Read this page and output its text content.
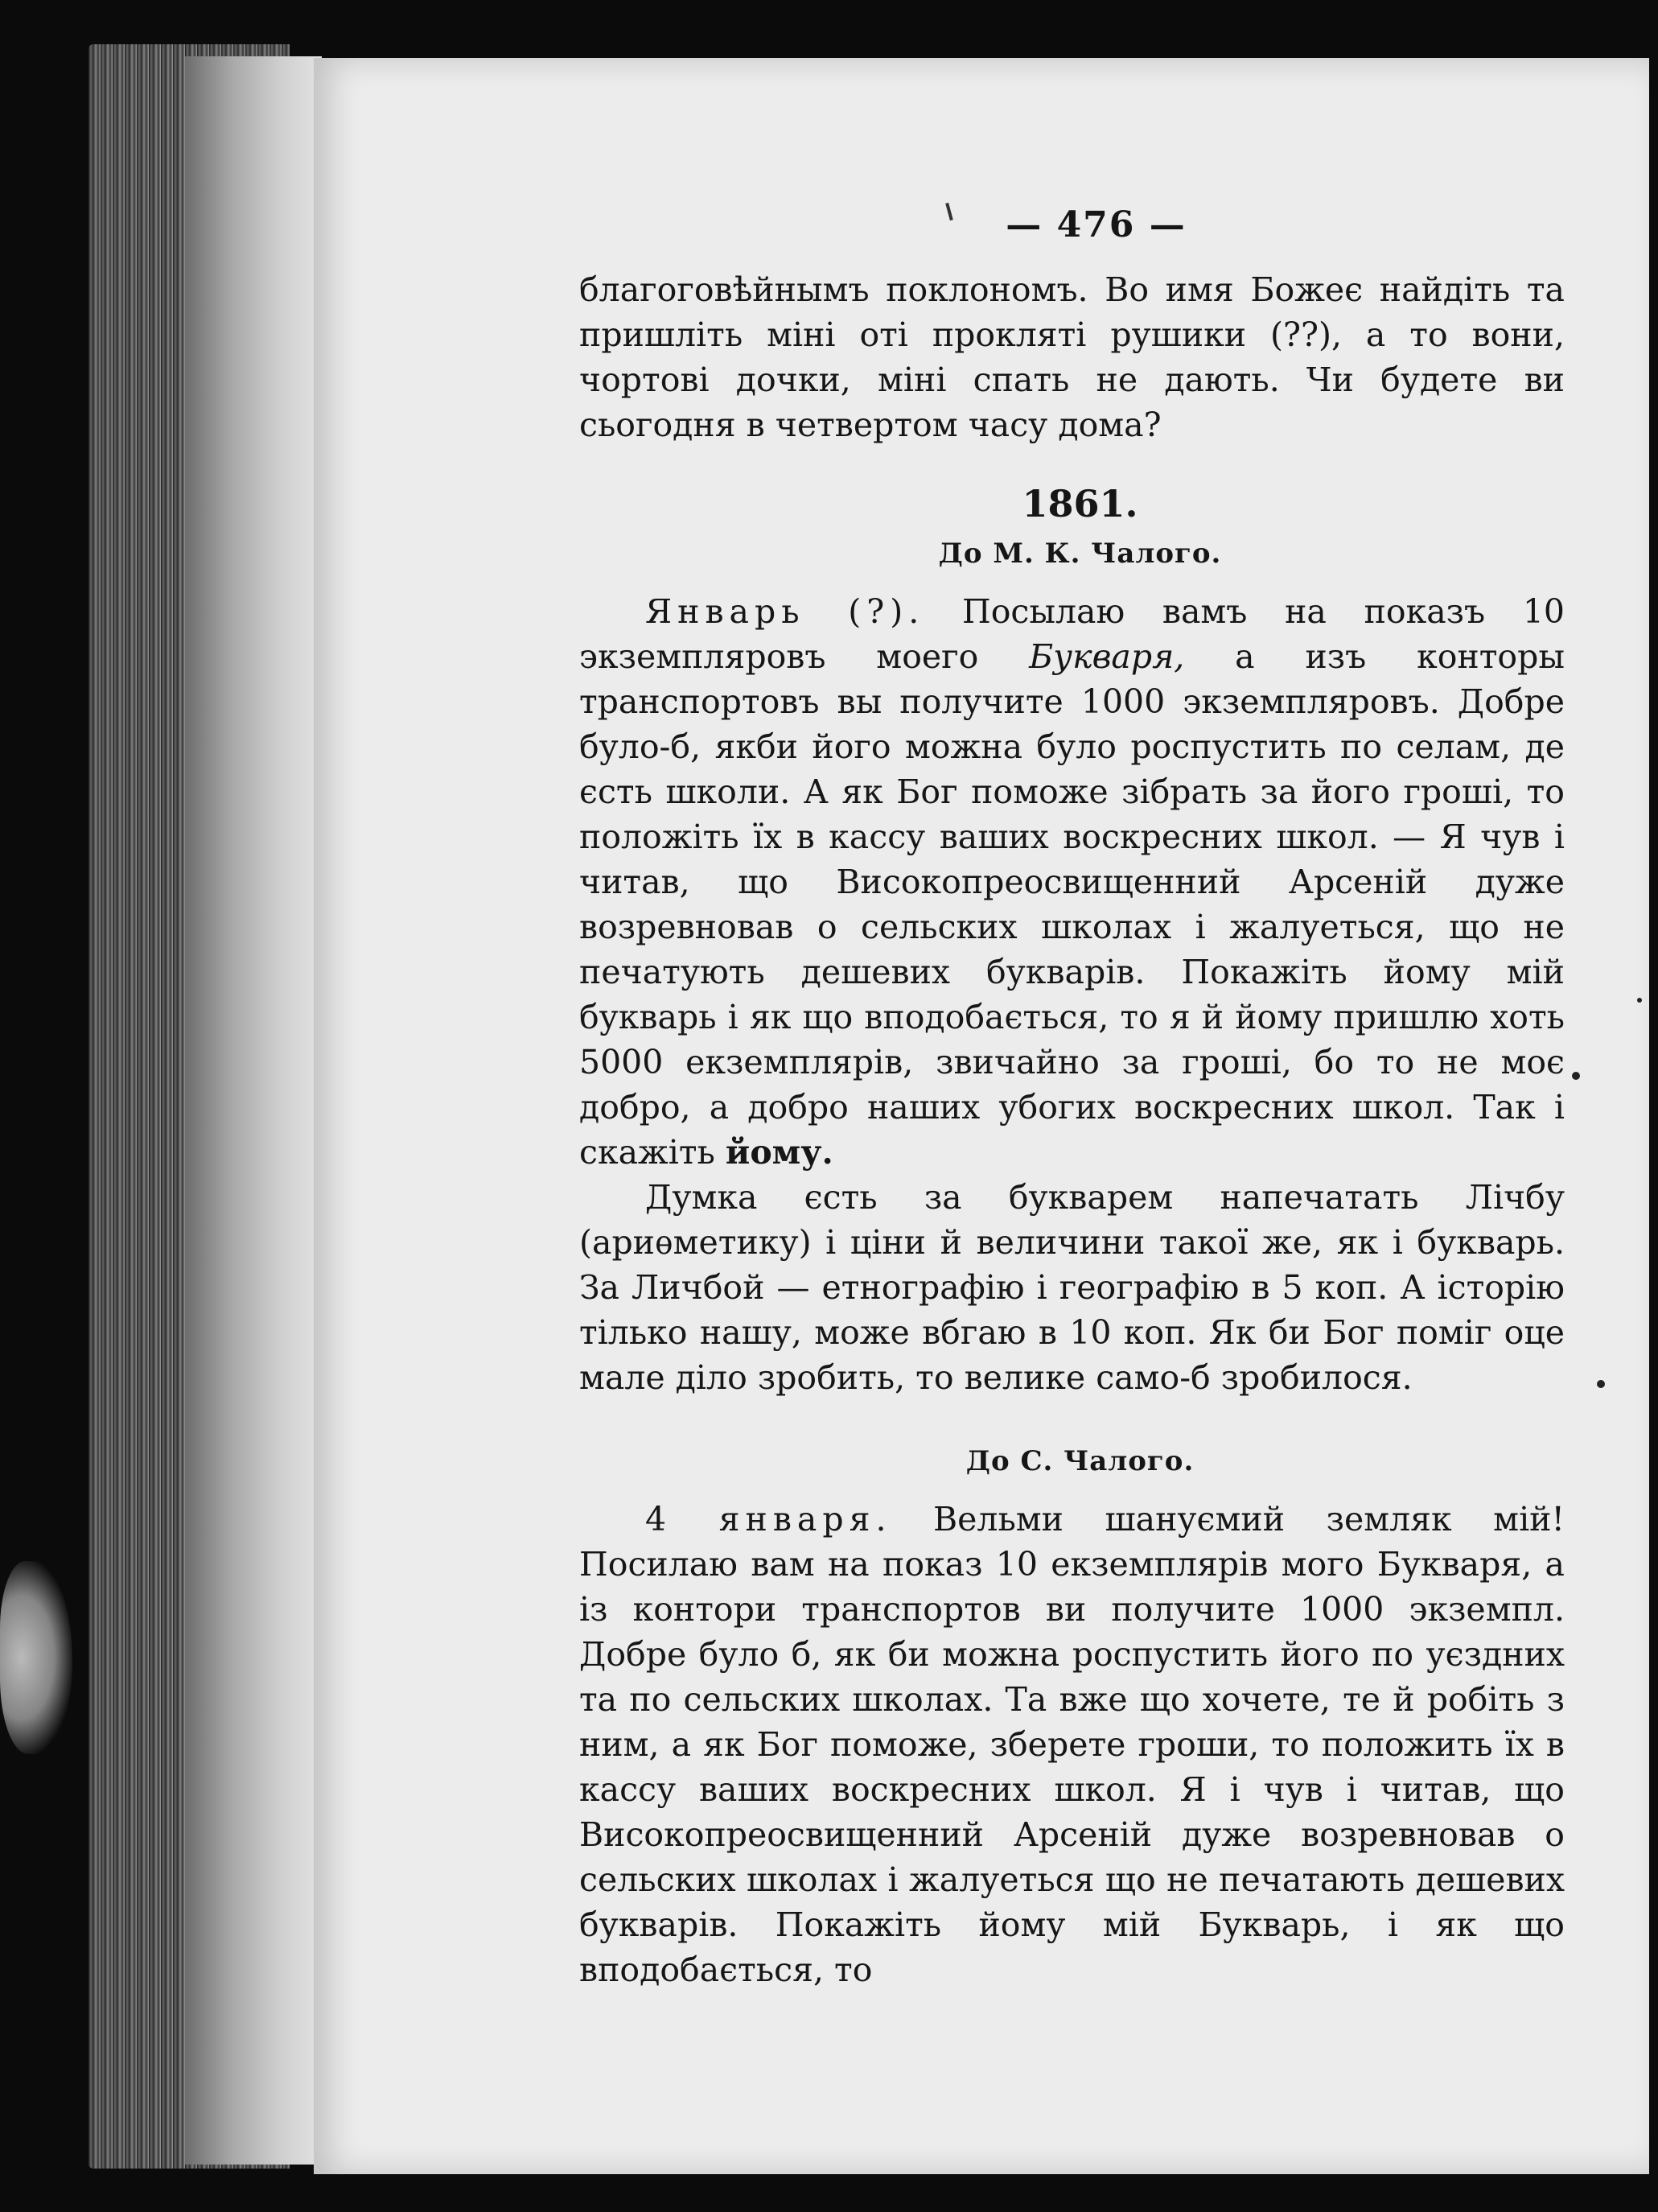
— 476 —

благоговѣйнымъ поклономъ. Во имя Божеє найдіть та пришліть міні оті прокляті рушики (??), а то вони, чортові дочки, міні спать не дають. Чи будете ви сьогодня в четвертом часу дома?

1861.
До М. К. Чалого.

Январь (?). Посылаю вамъ на показъ 10 экземпляровъ моего Букваря, а изъ конторы транспортовъ вы получите 1000 экземпляровъ. Добре було-б, якби його можна було роспустить по селам, де єсть школи. А як Бог поможе зібрать за його гроші, то положіть їх в кассу ваших воскресних школ. — Я чув і читав, що Високопреосвищенний Арсеній дуже возревновав о сельских школах і жалуеться, що не печатують дешевих букварів. Покажіть йому мій букварь і як що вподобається, то я й йому пришлю хоть 5000 екземплярів, звичайно за гроші, бо то не моє добро, а добро наших убогих воскресних школ. Так і скажіть йому.

Думка єсть за букварем напечатать Лічбу (ариѳметику) і ціни й величини такої же, як і букварь. За Личбой — етнографію і географію в 5 коп. А історію тілько нашу, може вбгаю в 10 коп. Як би Бог поміг оце мале діло зробить, то велике само-б зробилося.

До С. Чалого.

4 января. Вельми шануємий земляк мій! Посилаю вам на показ 10 екземплярів мого Букваря, а із контори транспортов ви получите 1000 экземпл. Добре було б, як би можна роспустить його по уєздних та по сельских школах. Та вже що хочете, те й робіть з ним, а як Бог поможе, зберете гроши, то положить їх в кассу ваших воскресних школ. Я і чув і читав, що Високопреосвищенний Арсеній дуже возревновав о сельских школах і жалуеться що не печатають дешевих букварів. Покажіть йому мій Букварь, і як що вподобається, то
